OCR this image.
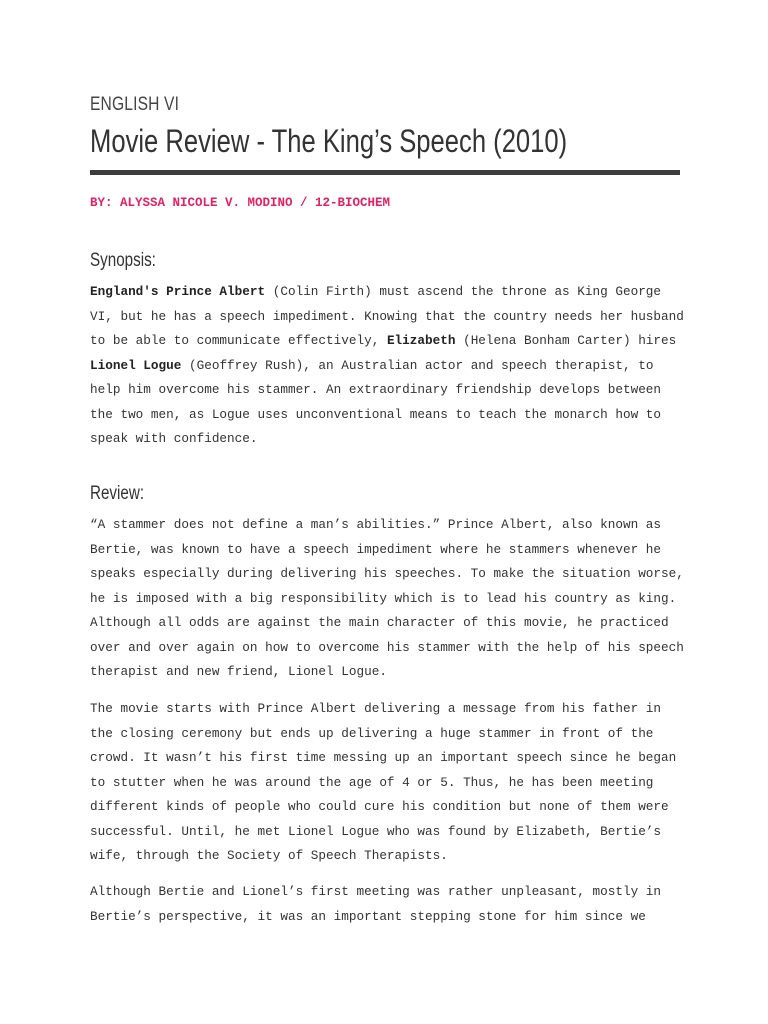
ENGLISH VI
Movie Review - The King’s Speech (2010)
BY: ALYSSA NICOLE V. MODINO / 12-BIOCHEM
Synopsis:
England's Prince Albert (Colin Firth) must ascend the throne as King George
VI, but he has a speech impediment. Knowing that the country needs her husband
to be able to communicate effectively, Elizabeth (Helena Bonham Carter) hires
Lionel Logue (Geoffrey Rush), an Australian actor and speech therapist, to
help him overcome his stammer. An extraordinary friendship develops between
the two men, as Logue uses unconventional means to teach the monarch how to
speak with confidence.
Review:
“A stammer does not define a man’s abilities.” Prince Albert, also known as
Bertie, was known to have a speech impediment where he stammers whenever he
speaks especially during delivering his speeches. To make the situation worse,
he is imposed with a big responsibility which is to lead his country as king.
Although all odds are against the main character of this movie, he practiced
over and over again on how to overcome his stammer with the help of his speech
therapist and new friend, Lionel Logue.
The movie starts with Prince Albert delivering a message from his father in
the closing ceremony but ends up delivering a huge stammer in front of the
crowd. It wasn’t his first time messing up an important speech since he began
to stutter when he was around the age of 4 or 5. Thus, he has been meeting
different kinds of people who could cure his condition but none of them were
successful. Until, he met Lionel Logue who was found by Elizabeth, Bertie’s
wife, through the Society of Speech Therapists.
Although Bertie and Lionel’s first meeting was rather unpleasant, mostly in
Bertie’s perspective, it was an important stepping stone for him since we
